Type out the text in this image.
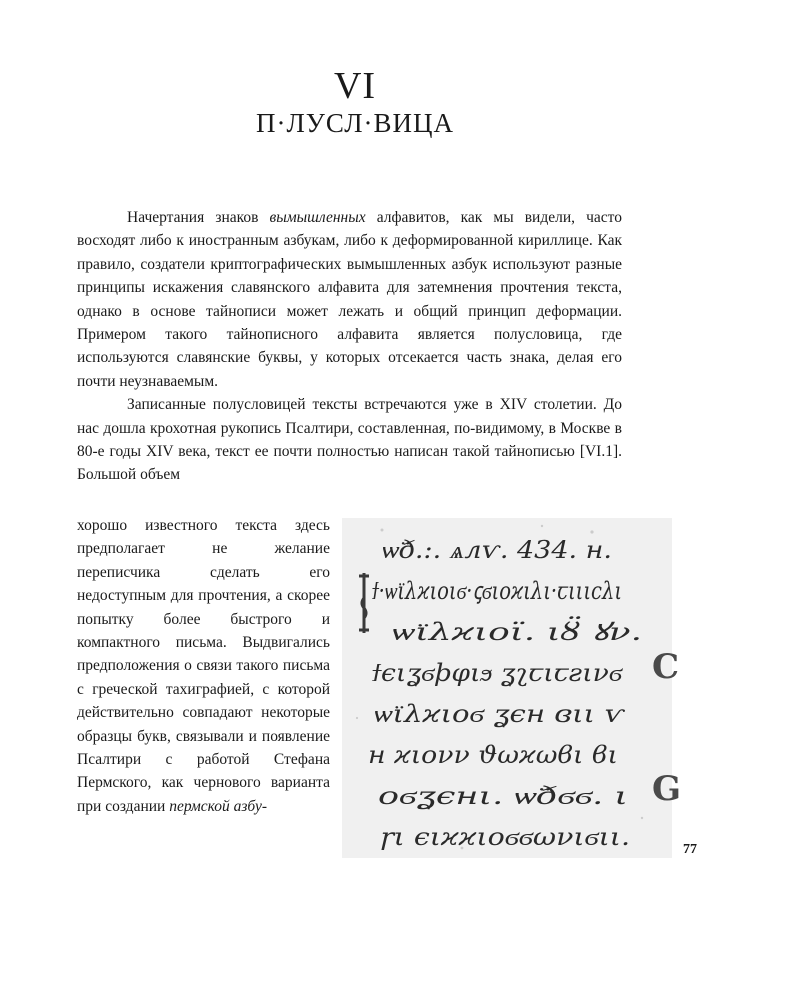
VI
П·ЛУСЛ·ВИЦА

Начертания знаков вымышленных алфавитов, как мы видели, часто восходят либо к иностранным азбукам, либо к деформированной кириллице. Как правило, создатели криптографических вымышленных азбук используют разные принципы искажения славянского алфавита для затемнения прочтения текста, однако в основе тайнописи может лежать и общий принцип деформации. Примером такого тайнописного алфавита является полусловица, где используются славянские буквы, у которых отсекается часть знака, делая его почти неузнаваемым.

Записанные полусловицей тексты встречаются уже в XIV столетии. До нас дошла крохотная рукопись Псалтири, составленная, по-видимому, в Москве в 80-е годы XIV века, текст ее почти полностью написан такой тайнописью [VI.1]. Большой объем

хорошо известного текста здесь предполагает не желание переписчика сделать его недоступным для прочтения, а скорее попытку более быстрого и компактного письма. Выдвигались предположения о связи такого письма с греческой тахиграфией, с которой действительно совпадают некоторые образцы букв, связывали и появление Псалтири с работой Стефана Пермского, как чернового варианта при создании пермской азбу-

ѡ̈ð.:. ѧлѵ. 434. н.
ϯ·ѡ̈ιλϰιοιϭ·ꞔϭιοϰιλι·ꞇιιιϲλι
ѡ̈ιλϰιοϊ. ιȣ̈ ꙋν.
ϯϵιʓϭϸφιϧ ʓʅꞇιꞇƨινϭ
ѡ̈ιλϰιοϭ ʓϵн ɞιι ѵ
н ϰιονν ϑωϰωϐι ϐι
οϭʓϵнι. ѡ̈ðϭϭ. ι
ꞅι ϵιϰϰιοϭϭωνιϭιι.
С
G
77
